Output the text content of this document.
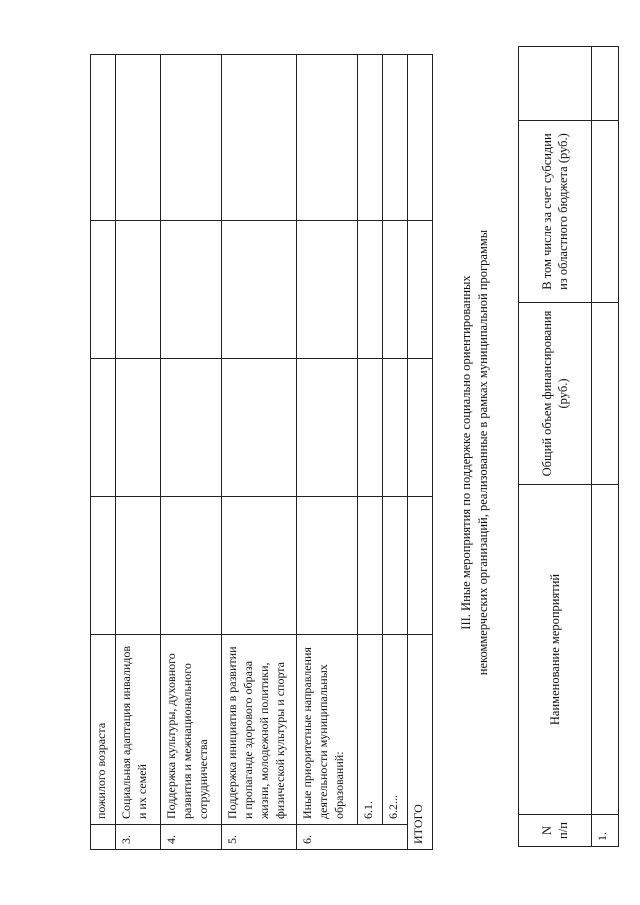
	пожилого возраста				
3.	Социальная адаптация инвалидов и их семей				
4.	Поддержка культуры, духовного развития и межнационального сотрудничества				
5.	Поддержка инициатив в развитии и пропаганде здорового образа жизни, молодежной политики, физической культуры и спорта				
6.	Иные приоритетные направления деятельности муниципальных образований:				
	6.1.				
	6.2...				
ИТОГО					
III. Иные мероприятия по поддержке социально ориентированных некоммерческих организаций, реализованные в рамках муниципальной программы
N п/п	Наименование мероприятий	Общий объем финансирования (руб.)	В том числе за счет субсидии из областного бюджета (руб.)	
1.				
